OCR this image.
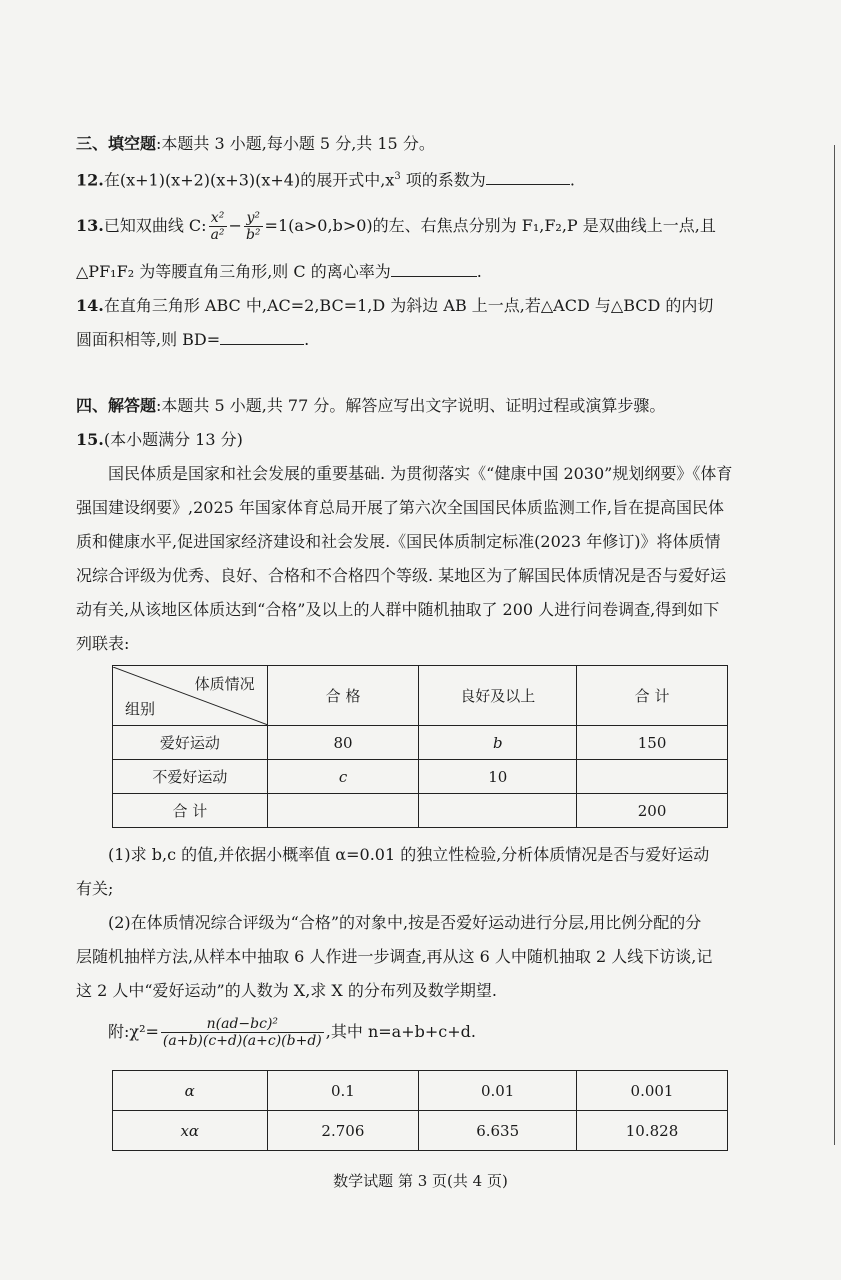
三、填空题:本题共 3 小题,每小题 5 分,共 15 分。
12.在(x+1)(x+2)(x+3)(x+4)的展开式中$,x^3$ 项的系数为	.
13.已知双曲线 C: $\frac{\text{x²}}{\text{a²}} - \frac{\text{y²}}{\text{b²}} =1(a>0,b>0)$的左、右焦点分别为 F₁,F₂,P 是双曲线上一点,且
△PF₁F₂ 为等腰直角三角形,则 C 的离心率为	.
14.在直角三角形 ABC 中,AC=2,BC=1,D 为斜边 AB 上一点,若△ACD 与△BCD 的内切
圆面积相等,则 BD=	.
四、解答题:本题共 5 小题,共 77 分。解答应写出文字说明、证明过程或演算步骤。
15.(本小题满分 13 分)
国民体质是国家和社会发展的重要基础. 为贯彻落实《“健康中国 2030”规划纲要》《体育
强国建设纲要》,2025 年国家体育总局开展了第六次全国国民体质监测工作,旨在提高国民体
质和健康水平,促进国家经济建设和社会发展.《国民体质制定标准(2023 年修订)》将体质情
况综合评级为优秀、良好、合格和不合格四个等级. 某地区为了解国民体质情况是否与爱好运
动有关,从该地区体质达到“合格”及以上的人群中随机抽取了 200 人进行问卷调查,得到如下
列联表:
体质情况
组别	合 格	良好及以上	合 计
爱好运动	80	b	150
不爱好运动	c	10	
合 计			200
(1)求 b,c 的值,并依据小概率值 α=0.01 的独立性检验,分析体质情况是否与爱好运动
有关;
(2)在体质情况综合评级为“合格”的对象中,按是否爱好运动进行分层,用比例分配的分
层随机抽样方法,从样本中抽取 6 人作进一步调查,再从这 6 人中随机抽取 2 人线下访谈,记
这 2 人中“爱好运动”的人数为 X,求 X 的分布列及数学期望.
附:χ²= $\frac{\text{n(ad−bc)²}}{(a+b)(c+d)(a+c)(b+d)}$ ,其中 n=a+b+c+d.
α	0.1	0.01	0.001
xα	2.706	6.635	10.828
数学试题 第 3 页(共 4 页)
